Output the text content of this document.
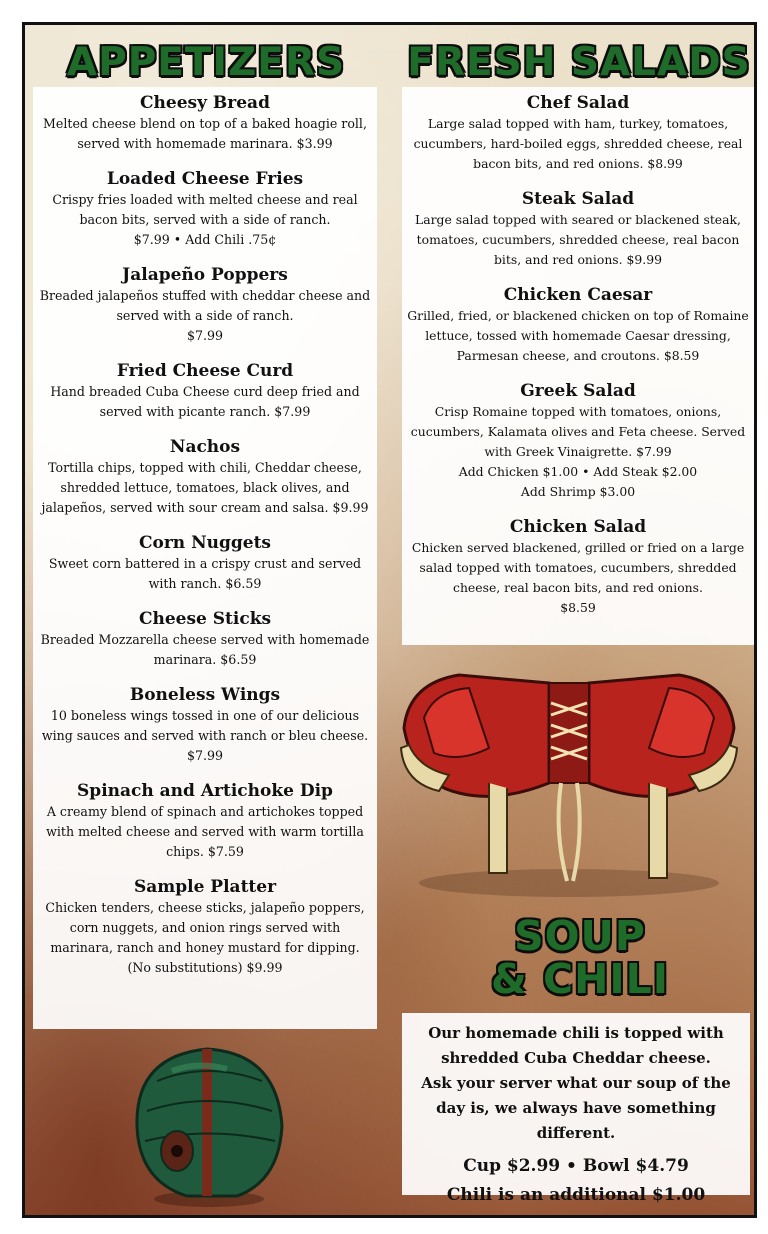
APPETIZERS	FRESH SALADS

Cheesy Bread

Melted cheese blend on top of a baked hoagie roll, served with homemade marinara. $3.99

Loaded Cheese Fries

Crispy fries loaded with melted cheese and real bacon bits, served with a side of ranch.

$7.99 • Add Chili .75¢

Jalapeño Poppers

Breaded jalapeños stuffed with cheddar cheese and served with a side of ranch.

$7.99

Fried Cheese Curd

Hand breaded Cuba Cheese curd deep fried and served with picante ranch. $7.99

Nachos

Tortilla chips, topped with chili, Cheddar cheese, shredded lettuce, tomatoes, black olives, and jalapeños, served with sour cream and salsa. $9.99

Corn Nuggets

Sweet corn battered in a crispy crust and served with ranch. $6.59

Cheese Sticks

Breaded Mozzarella cheese served with homemade marinara. $6.59

Boneless Wings

10 boneless wings tossed in one of our delicious wing sauces and served with ranch or bleu cheese. $7.99

Spinach and Artichoke Dip

A creamy blend of spinach and artichokes topped with melted cheese and served with warm tortilla chips. $7.59

Sample Platter

Chicken tenders, cheese sticks, jalapeño poppers, corn nuggets, and onion rings served with marinara, ranch and honey mustard for dipping.

(No substitutions) $9.99

Chef Salad

Large salad topped with ham, turkey, tomatoes, cucumbers, hard-boiled eggs, shredded cheese, real bacon bits, and red onions. $8.99

Steak Salad

Large salad topped with seared or blackened steak, tomatoes, cucumbers, shredded cheese, real bacon bits, and red onions. $9.99

Chicken Caesar

Grilled, fried, or blackened chicken on top of Romaine lettuce, tossed with homemade Caesar dressing, Parmesan cheese, and croutons. $8.59

Greek Salad

Crisp Romaine topped with tomatoes, onions, cucumbers, Kalamata olives and Feta cheese. Served with Greek Vinaigrette. $7.99

Add Chicken $1.00 • Add Steak $2.00

Add Shrimp $3.00

Chicken Salad

Chicken served blackened, grilled or fried on a large salad topped with tomatoes, cucumbers, shredded cheese, real bacon bits, and red onions.

$8.59

SOUP
& CHILI

Our homemade chili is topped with shredded Cuba Cheddar cheese.

Ask your server what our soup of the day is, we always have something different.

Cup $2.99 • Bowl $4.79

Chili is an additional $1.00
